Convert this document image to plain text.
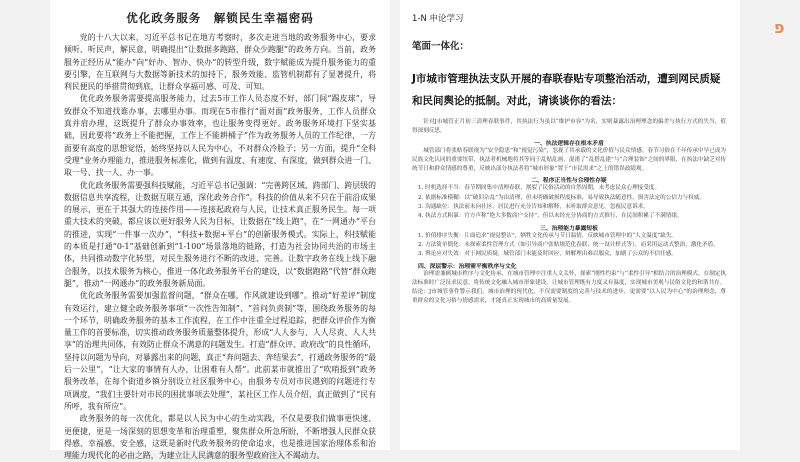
优化政务服务　解锁民生幸福密码

党的十八大以来，习近平总书记在地方考察时，多次走进当地的政务服务中心，要求倾听、听民声，解民意，明确提出“让数据多跑路，群众少跑腿”的政务方向。当前，政务服务正经历从“能办”向“好办、智办、快办”的转型升级，数字赋能成为提升服务能力的重要引擎，在互联网与大数据等新技术的加持下，服务效能、监管机制都有了显著提升，将利民便民的举措贯彻到底，让群众享福可感、可及、可知。

优化政务服务需要提高服务能力，过去5市工作人员态度不好，部门间“踢皮球”，导致群众不知道找谁办事，去哪里办事。而现在5市推行“面对面”政务服务，工作人员群众真并肩办理，这既提升了群众办事效率，也让服务变得更好。政务服务环境打下坚实基础，因此要将“政务上不能把握，工作上不能耕桶子”作为政务服务人员的工作纪律，一方面要有高度的思想觉悟，始终坚持以人民为中心，不对群众冷脸子；另一方面，提升“全科受理”业务办理能力，推进服务标准化，做到有温度、有速度、有深度，做到群众进一门、取一号、找一人、办一事。

优化政务服务需要强科技赋能，习近平总书记强调：“完善跨区域、跨部门、跨层级的数据信息共享流程，让数据互联互通，深化政务合作”。科技的价值从来不只在于前沿成果的展示，更在于其强大的连接作用——连接起政府与人民，让技术真正服务民生。每一项重大技术的突破，都应该以更好服务人民为目标，让数据在“线上跑”，在“一网通办”平台的推进，实现“一件事一次办”，“科技+数据+平台”的创新服务模式。实际上，科技赋能的本质是打通“0-1”基础创新到“1-100”场景落地的链路，打造为社会协同共治的市场主体，共同推动数字化转型，对民生服务进行不断的改进、完善。让数字政务在线上线下融合服务，以技术服务为核心，推进一体化政务服务平台的建设，以“数据跑路”代替“群众跑腿”，推动“一网通办”的政务服务新局面。

优化政务服务需要加强监督问题，“群众在哪，作风就建设到哪”。推动“好差评”制度有效运行，建立健全政务服务事项“一次性告知制”、“首问负责制”等，围绕政务服务的每一个环节，明确政务服务的基本工作流程，在工作中注重全过程追踪，把群众评价作为衡量工作的首要标准，切实推动政务服务质量整体提升，形成“人人参与、人人尽责、人人共享”的治理共同体，有效防止群众不满意的问题发生。打造“群众评、政府改”的良性循环，坚持以问题为导向，对暴露出来的问题，真正“奔问题去、奔结果去”，打通政务服务的“最后一公里”，“让大家的事情有人办，让困难有人帮”。此前某市就推出了“吹哨报到”政务服务改革，在每个街道乡镇分别设立社区服务中心，由服务专员对市民遇到的问题进行专项调度，“我们主要针对市民的困扰事项去处理”，某社区工作人员介绍，真正做到了“民有所呼，我有所应”。

政务服务的每一次优化，都是以人民为中心的生动实践，不仅是要我们做事更快速、更便捷，更是一场深刻的思想变革和治理重塑，聚焦群众所急所盼，不断增强人民群众获得感、幸福感、安全感，这既是新时代政务服务的使命追求，也是推进国家治理体系和治理能力现代化的必由之路，为建立让人民满意的服务型政府注入不竭动力。

1-N 申论学习
笔面一体化：
J市城市管理执法支队开展的春联春贴专项整治活动，遭到网民质疑和民间舆论的抵制。对此，请谈谈你的看法：

针对J市城管正月初三清理春联事件，其执法行为虽以“维护市容”为名，实则暴露出治理理念的偏差与执行方式的失当，值得深刻反思。

一、执法逻辑存在根本矛盾

城管部门将张贴春联视为“安全隐患”和“视觉污染”，忽视了其承载的文化价值与民众情感。春节习俗在千年传承中早已成为民族文化认同的重要纽带，执法者机械地将其等同于乱贴乱画，混淆了“乱搭乱建”与“合理装饰”之间的界限，在执法中缺乏对传统节日和群众情感的尊重，反映出部分执法者将“城市形象”置于“市民需求”之上的错误政绩观。

二、程序正当性与合理性存疑

1. 时机选择不当：春节期间集中清理春联，割裂了民俗活动的自然周期，未考虑民众心理接受度。

2. 依据标准模糊：以“破旧杂乱”为由清理，但未明确破损程度标准，易导致执法随意性，损害法定的公信力与权威。

3. 沟通缺位：执法前未向社区、居民进行充分告知和解释，未听取群众意见，忽视民意诉求。

4. 执法方式粗暴：官方声称“绝大多数商户支持”，但以未经充分协商的方式推行，在民间积累了不满情绪。

三、治理能力暴露短板

1. 价值排序失衡：片面追求“视觉整洁”，牺牲文化传承与节日温情，反映城市管理中的“人文温度”缺失。

2. 方法简单僵化：未探索柔性管理方式（如引导商户张贴规范化春联、统一设计样式等），而采用运动式整治，激化矛盾。

3. 舆论应对失效：对于网民质疑，城管部门未能及时回应，辩解理由难以服众，加剧了公众的不信任感。

四、深层警示：治理需平衡秩序与文化

治理需兼顾城市秩序与文化传承，在城市管理中注重人文关怀，探索“刚性约束”与“柔性引导”相结合的治理模式，在制定执法标准时广泛征求民意，将传统文化融入城市形象建设，让城市管理既有力度又有温度，实现城市美观与民俗文化的和谐共存。

结论：J市城管事件警示我们，城市治理的现代化，不仅需要制度的完善与技术的进步，更需要“以人民为中心”的治理理念，尊重群众的文化习俗与情感需求，才能真正实现城市的高质量发展。

פ
